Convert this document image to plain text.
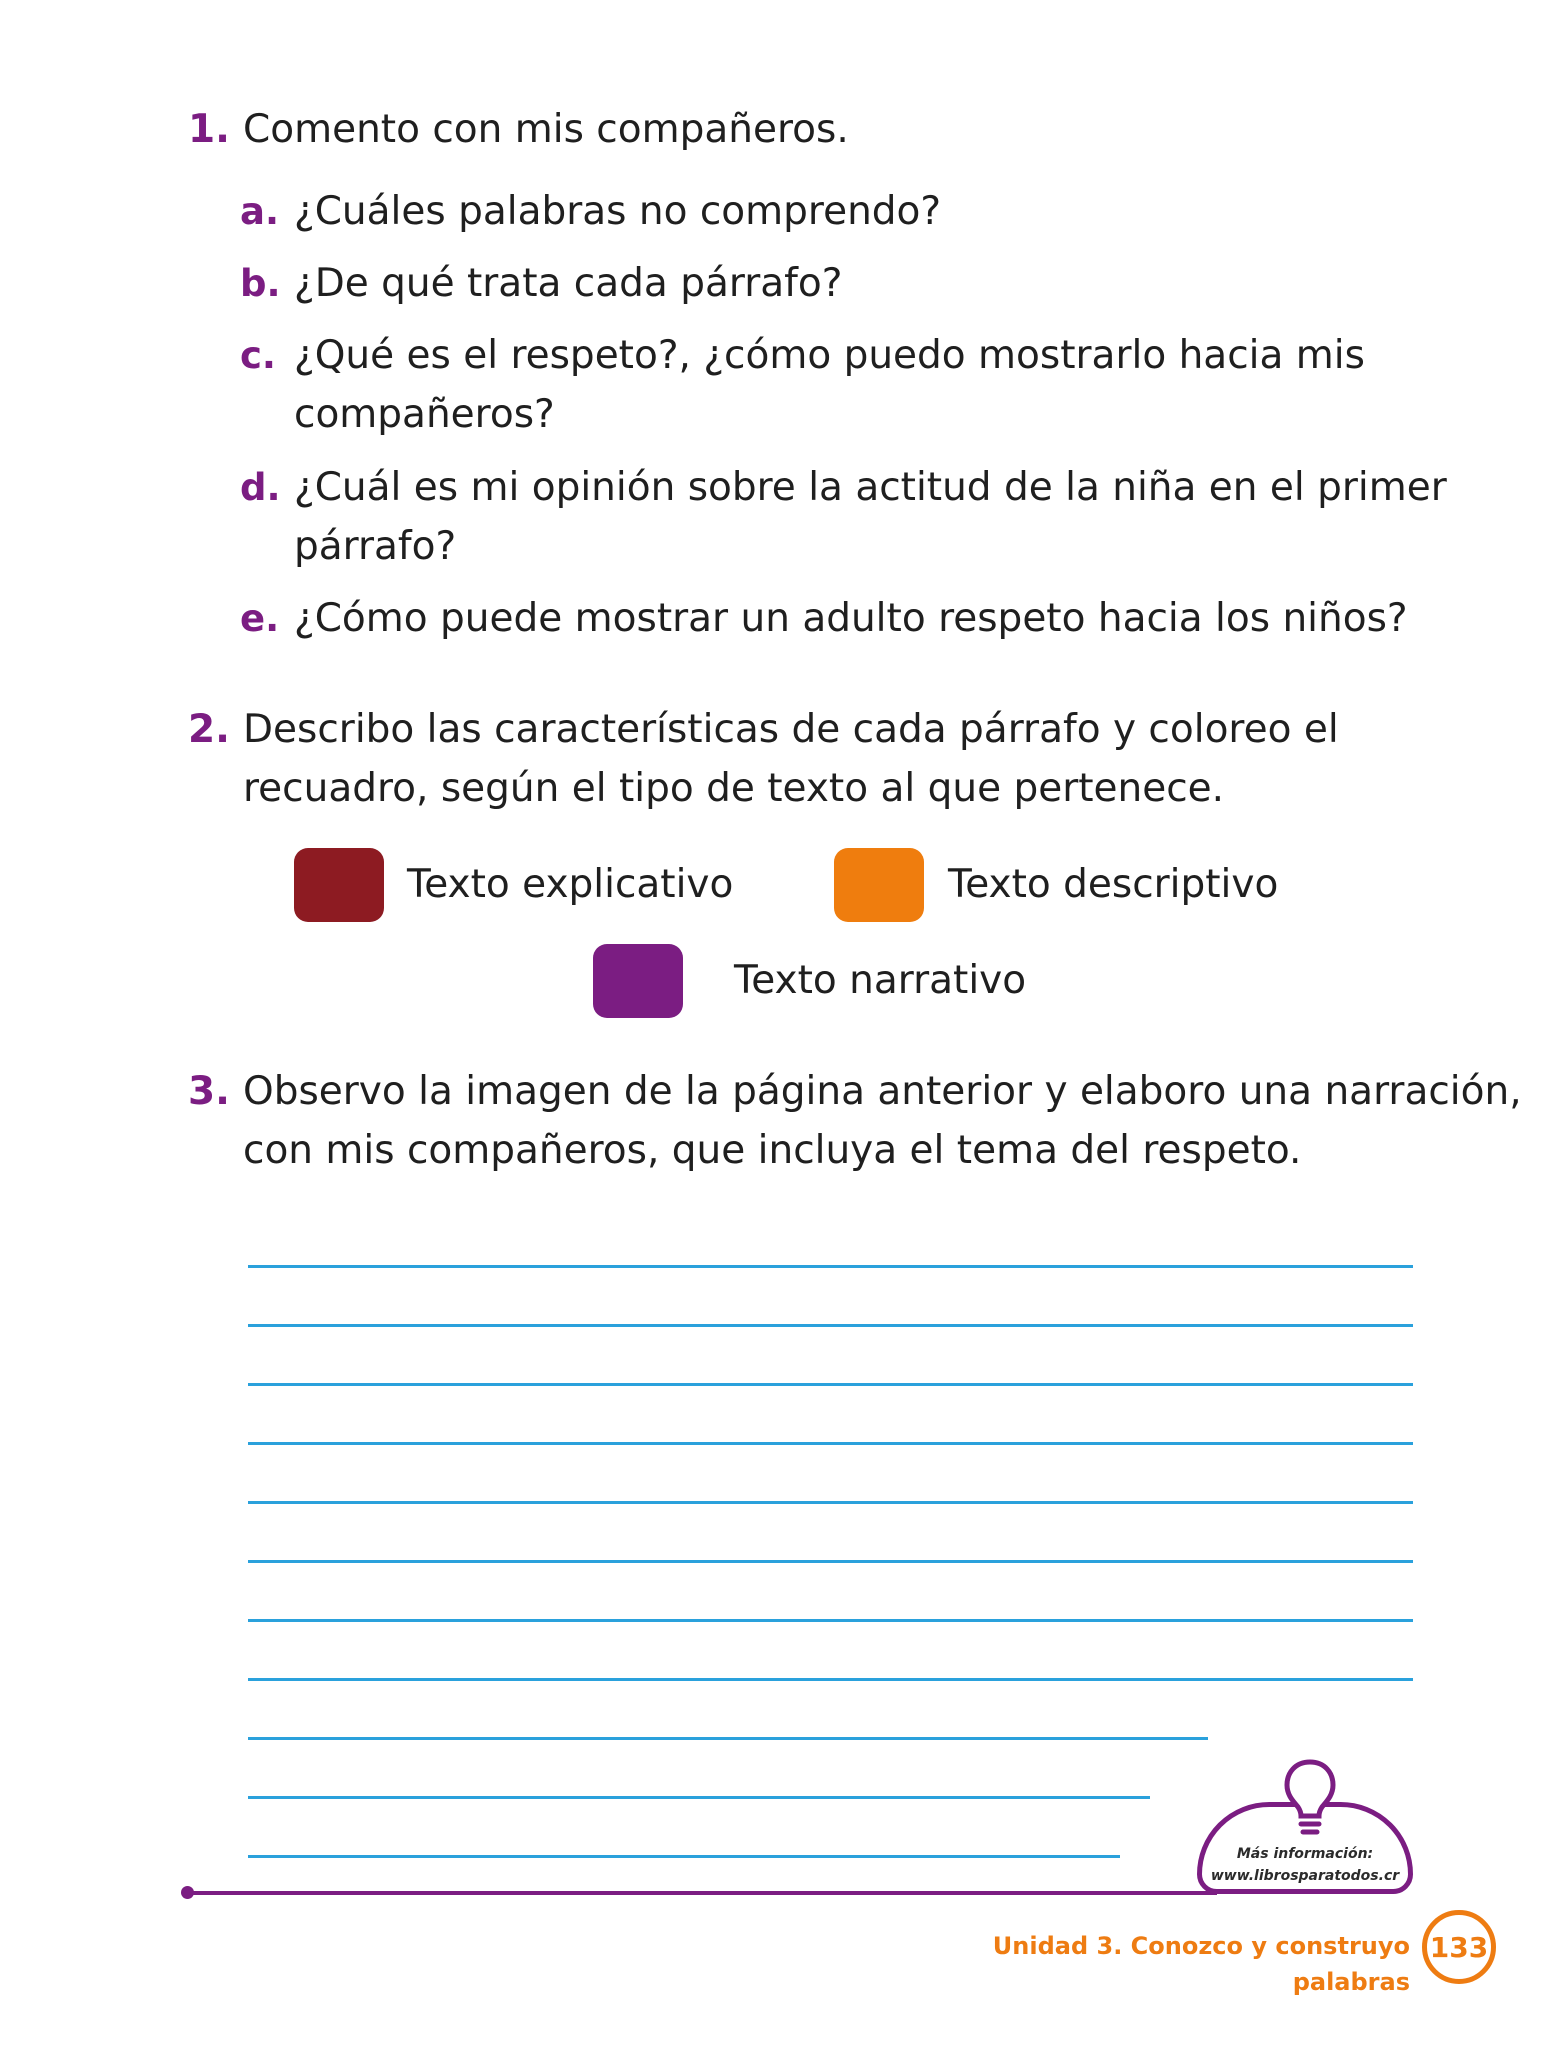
1. Comento con mis compañeros.
a. ¿Cuáles palabras no comprendo?
b. ¿De qué trata cada párrafo?
c. ¿Qué es el respeto?, ¿cómo puedo mostrarlo hacia mis
compañeros?
d. ¿Cuál es mi opinión sobre la actitud de la niña en el primer
párrafo?
e. ¿Cómo puede mostrar un adulto respeto hacia los niños?
2. Describo las características de cada párrafo y coloreo el
recuadro, según el tipo de texto al que pertenece.
Texto explicativo	Texto descriptivo
Texto narrativo
3. Observo la imagen de la página anterior y elaboro una narración,
con mis compañeros, que incluya el tema del respeto.
Más información:
www.librosparatodos.cr
Unidad 3. Conozco y construyo palabras
133
